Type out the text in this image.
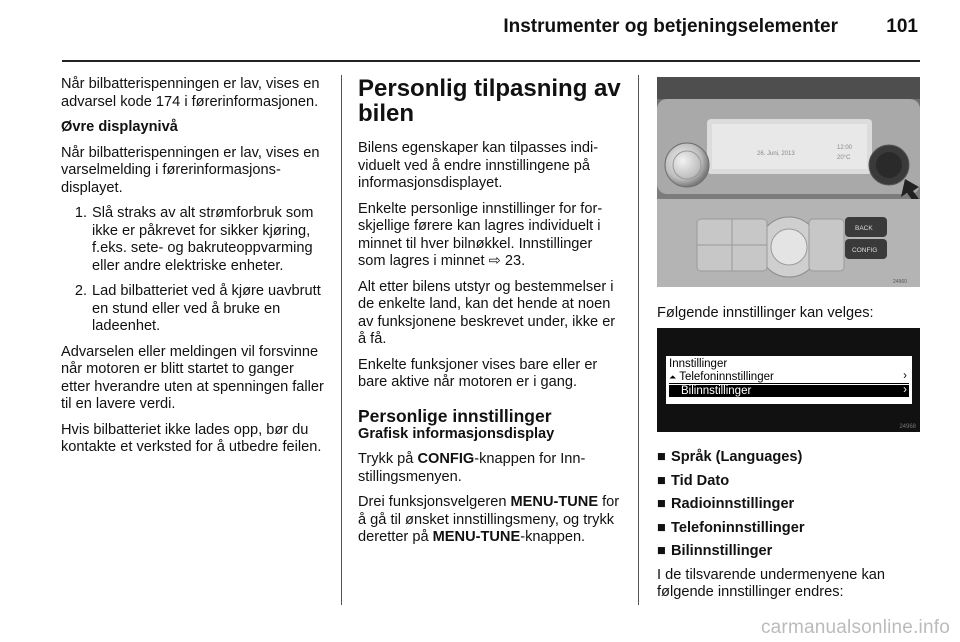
Instrumenter og betjeningselementer	101

Når bilbatterispenningen er lav, vises en advarsel kode 174 i førerinformasjonen.

Øvre displaynivå

Når bilbatterispenningen er lav, vises en varselmelding i førerinformasjonsdisplayet.

1. Slå straks av alt strømforbruk som ikke er påkrevet for sikker kjøring, f.eks. sete- og bakruteoppvarming eller andre elektriske enheter.
2. Lad bilbatteriet ved å kjøre uavbrutt en stund eller ved å bruke en ladeenhet.

Advarselen eller meldingen vil forsvinne når motoren er blitt startet to ganger etter hverandre uten at spenningen faller til en lavere verdi.

Hvis bilbatteriet ikke lades opp, bør du kontakte et verksted for å utbedre feilen.

Personlig tilpasning av bilen

Bilens egenskaper kan tilpasses individuelt ved å endre innstillingene på informasjonsdisplayet.

Enkelte personlige innstillinger for forskjellige førere kan lagres individuelt i minnet til hver bilnøkkel. Innstillinger som lagres i minnet ⇨ 23.

Alt etter bilens utstyr og bestemmelser i de enkelte land, kan det hende at noen av funksjonene beskrevet under, ikke er å få.

Enkelte funksjoner vises bare eller er bare aktive når motoren er i gang.

Personlige innstillinger

Grafisk informasjonsdisplay

Trykk på CONFIG-knappen for Innstillingsmenyen.

Drei funksjonsvelgeren MENU-TUNE for å gå til ønsket innstillingsmeny, og trykk deretter på MENU-TUNE-knappen.

26. Juni, 2013
12:00
20°C
BACK
CONFIG
24960
Følgende innstillinger kan velges:
Innstillinger
⏶ Telefoninnstillinger	›
Bilinnstillinger	›
24968
■ Språk (Languages)
■ Tid Dato
■ Radioinnstillinger
■ Telefoninnstillinger
■ Bilinnstillinger

I de tilsvarende undermenyene kan følgende innstillinger endres:

carmanualsonline.info
